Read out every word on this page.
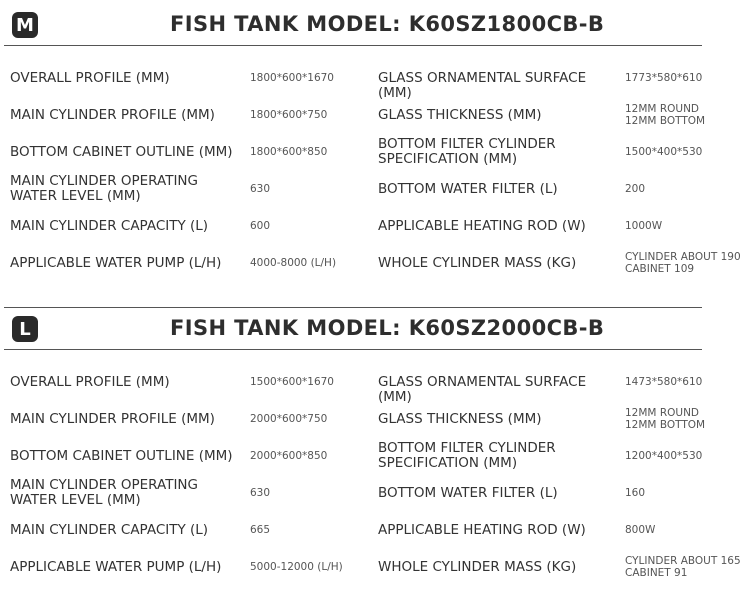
M	FISH TANK MODEL: K60SZ1800CB-B
OVERALL PROFILE (MM)	1800*600*1670	GLASS ORNAMENTAL SURFACE (MM)
1773*580*610
MAIN CYLINDER PROFILE (MM)	1800*600*750	GLASS THICKNESS (MM)	12MM ROUND
12MM BOTTOM
BOTTOM CABINET OUTLINE (MM)	1800*600*850	BOTTOM FILTER CYLINDER
SPECIFICATION (MM)	1500*400*530
MAIN CYLINDER OPERATING
WATER LEVEL (MM)	630	BOTTOM WATER FILTER (L)	200
MAIN CYLINDER CAPACITY (L)	600	APPLICABLE HEATING ROD (W)	1000W
APPLICABLE WATER PUMP (L/H)	4000-8000 (L/H)	WHOLE CYLINDER MASS (KG)	CYLINDER ABOUT 190
CABINET 109
L	FISH TANK MODEL: K60SZ2000CB-B
OVERALL PROFILE (MM)	1500*600*1670	GLASS ORNAMENTAL SURFACE (MM)
1473*580*610
MAIN CYLINDER PROFILE (MM)	2000*600*750	GLASS THICKNESS (MM)	12MM ROUND
12MM BOTTOM
BOTTOM CABINET OUTLINE (MM)	2000*600*850	BOTTOM FILTER CYLINDER
SPECIFICATION (MM)	1200*400*530
MAIN CYLINDER OPERATING
WATER LEVEL (MM)	630	BOTTOM WATER FILTER (L)	160
MAIN CYLINDER CAPACITY (L)	665	APPLICABLE HEATING ROD (W)	800W
APPLICABLE WATER PUMP (L/H)	5000-12000 (L/H)	WHOLE CYLINDER MASS (KG)	CYLINDER ABOUT 165
CABINET 91
